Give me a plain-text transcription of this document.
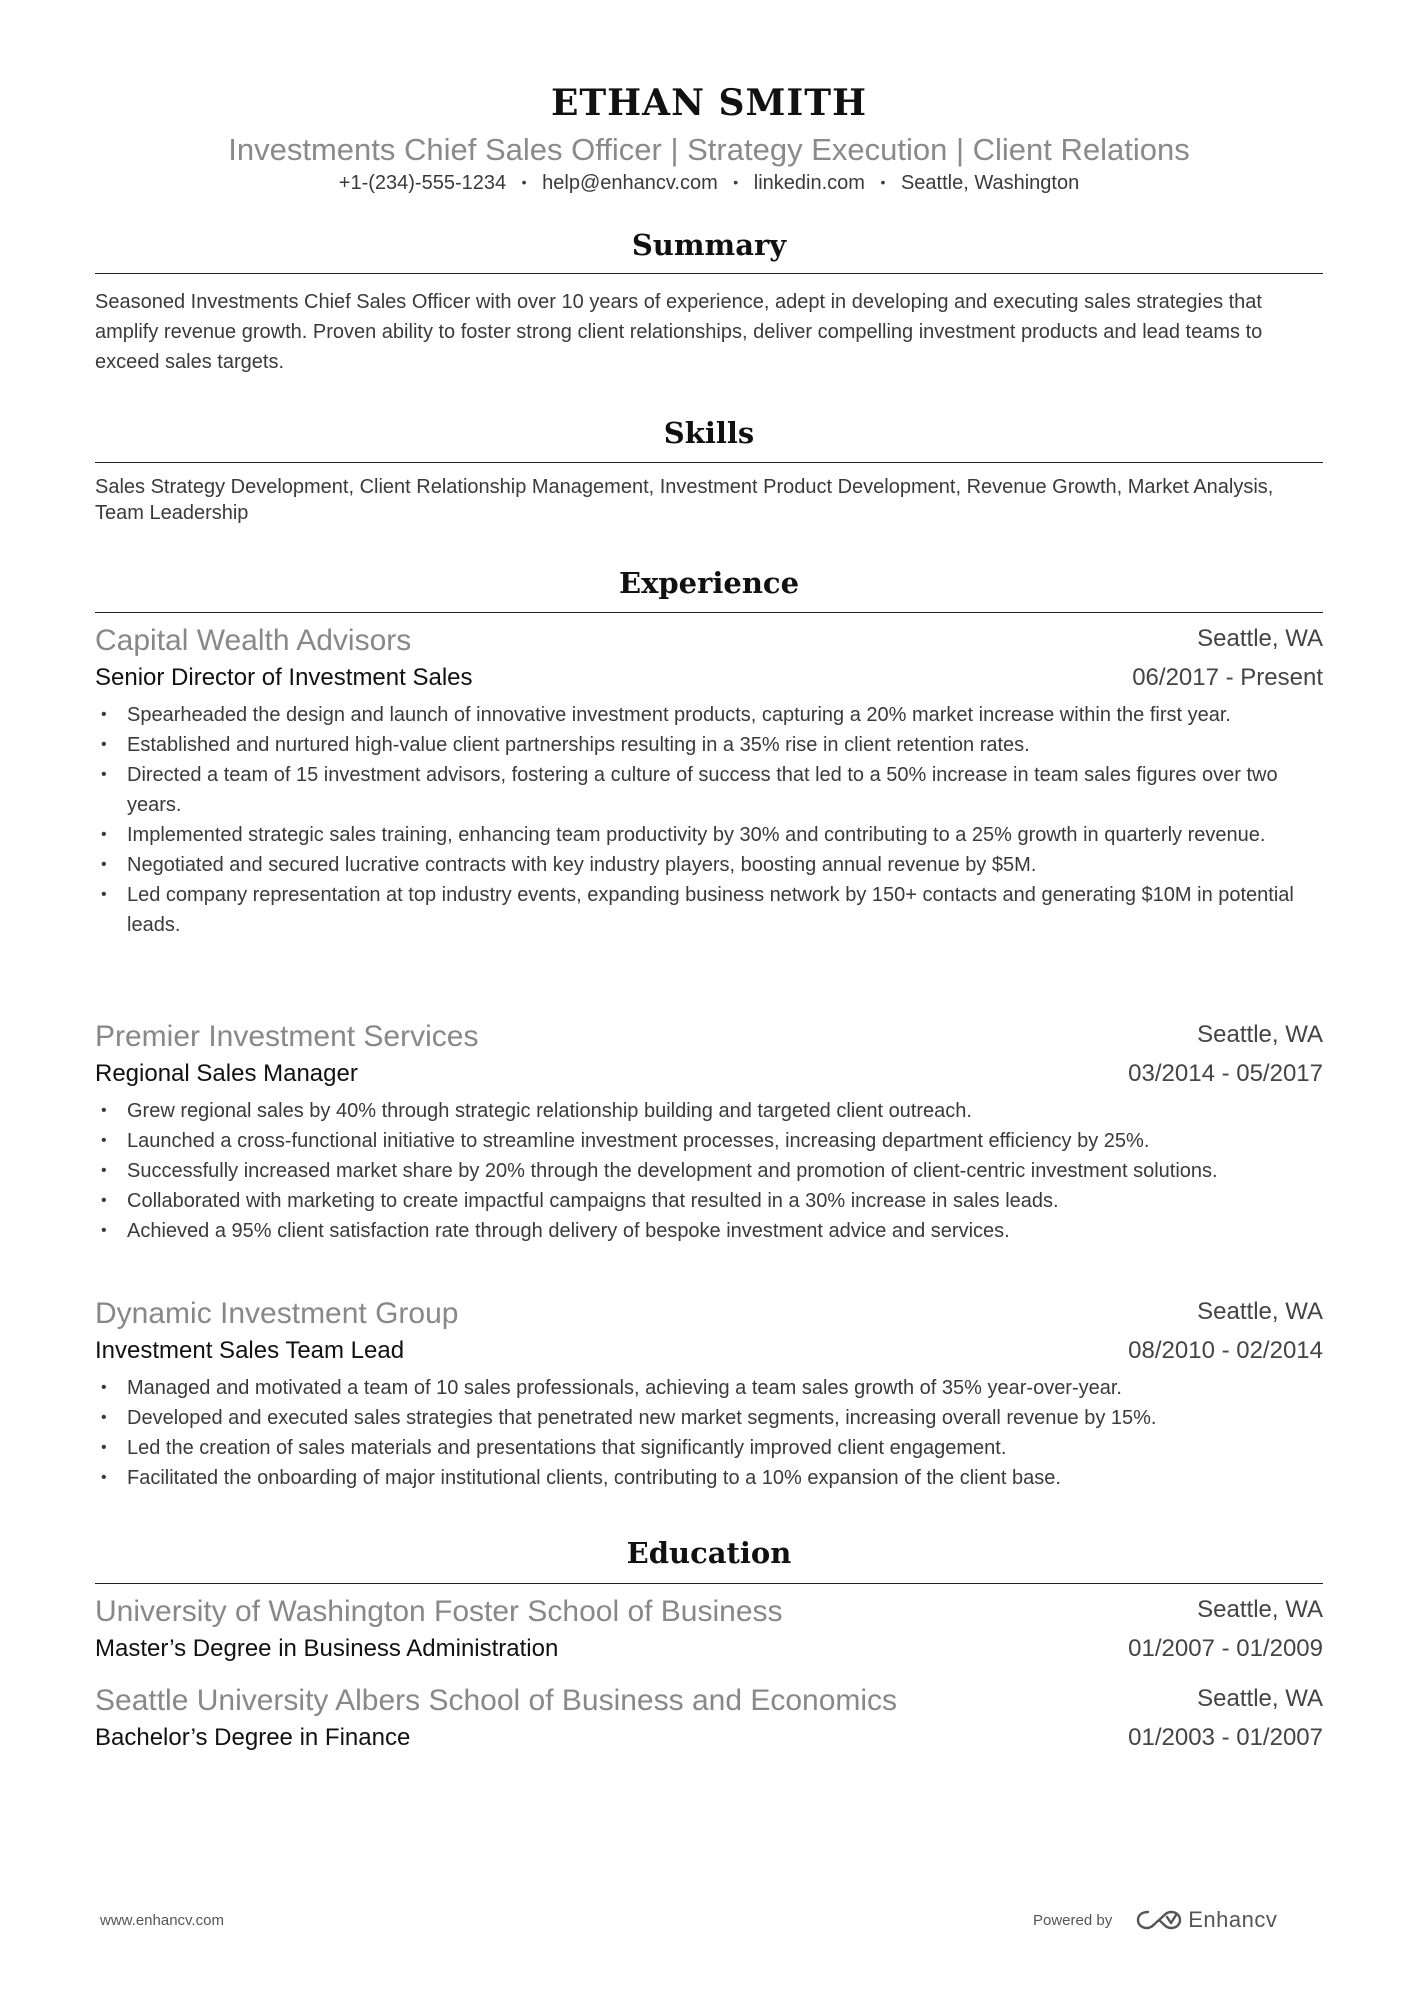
ETHAN SMITH
Investments Chief Sales Officer | Strategy Execution | Client Relations
+1-(234)-555-1234 • help@enhancv.com • linkedin.com • Seattle, Washington
Summary
Seasoned Investments Chief Sales Officer with over 10 years of experience, adept in developing and executing sales strategies that amplify revenue growth. Proven ability to foster strong client relationships, deliver compelling investment products and lead teams to exceed sales targets.
Skills
Sales Strategy Development, Client Relationship Management, Investment Product Development, Revenue Growth, Market Analysis, Team Leadership
Experience
Capital Wealth Advisors	Seattle, WA
Senior Director of Investment Sales	06/2017 - Present
• Spearheaded the design and launch of innovative investment products, capturing a 20% market increase within the first year.
• Established and nurtured high-value client partnerships resulting in a 35% rise in client retention rates.
• Directed a team of 15 investment advisors, fostering a culture of success that led to a 50% increase in team sales figures over two years.
• Implemented strategic sales training, enhancing team productivity by 30% and contributing to a 25% growth in quarterly revenue.
• Negotiated and secured lucrative contracts with key industry players, boosting annual revenue by $5M.
• Led company representation at top industry events, expanding business network by 150+ contacts and generating $10M in potential leads.
Premier Investment Services	Seattle, WA
Regional Sales Manager	03/2014 - 05/2017
• Grew regional sales by 40% through strategic relationship building and targeted client outreach.
• Launched a cross-functional initiative to streamline investment processes, increasing department efficiency by 25%.
• Successfully increased market share by 20% through the development and promotion of client-centric investment solutions.
• Collaborated with marketing to create impactful campaigns that resulted in a 30% increase in sales leads.
• Achieved a 95% client satisfaction rate through delivery of bespoke investment advice and services.
Dynamic Investment Group	Seattle, WA
Investment Sales Team Lead	08/2010 - 02/2014
• Managed and motivated a team of 10 sales professionals, achieving a team sales growth of 35% year-over-year.
• Developed and executed sales strategies that penetrated new market segments, increasing overall revenue by 15%.
• Led the creation of sales materials and presentations that significantly improved client engagement.
• Facilitated the onboarding of major institutional clients, contributing to a 10% expansion of the client base.
Education
University of Washington Foster School of Business	Seattle, WA
Master’s Degree in Business Administration	01/2007 - 01/2009
Seattle University Albers School of Business and Economics	Seattle, WA
Bachelor’s Degree in Finance	01/2003 - 01/2007
www.enhancv.com	Powered by	Enhancv
